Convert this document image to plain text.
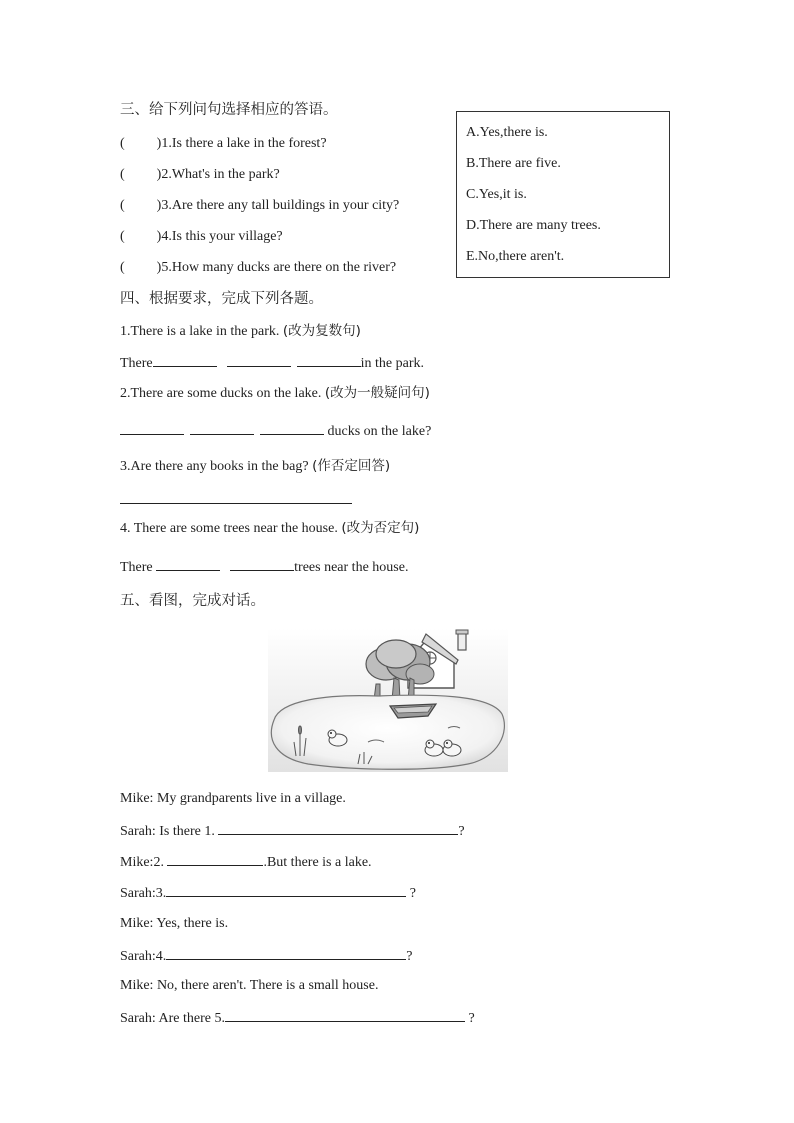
三、给下列问句选择相应的答语。
( )1.Is there a lake in the forest?
( )2.What's in the park?
( )3.Are there any tall buildings in your city?
( )4.Is this your village?
( )5.How many ducks are there on the river?
A.Yes,there is.
B.There are five.
C.Yes,it is.
D.There are many trees.
E.No,there aren't.
四、根据要求，完成下列各题。
1.There is a lake in the park. (改为复数句)
There	in the park.
2.There are some ducks on the lake. (改为一般疑问句)
ducks on the lake?
3.Are there any books in the bag? (作否定回答)
4. There are some trees near the house. (改为否定句)
There	trees near the house.
五、看图，完成对话。
Mike: My grandparents live in a village.
Sarah: Is there 1.	?
Mike:2.	.But there is a lake.
Sarah:3.	?
Mike: Yes, there is.
Sarah:4.	?
Mike: No, there aren't. There is a small house.
Sarah: Are there 5.	?
